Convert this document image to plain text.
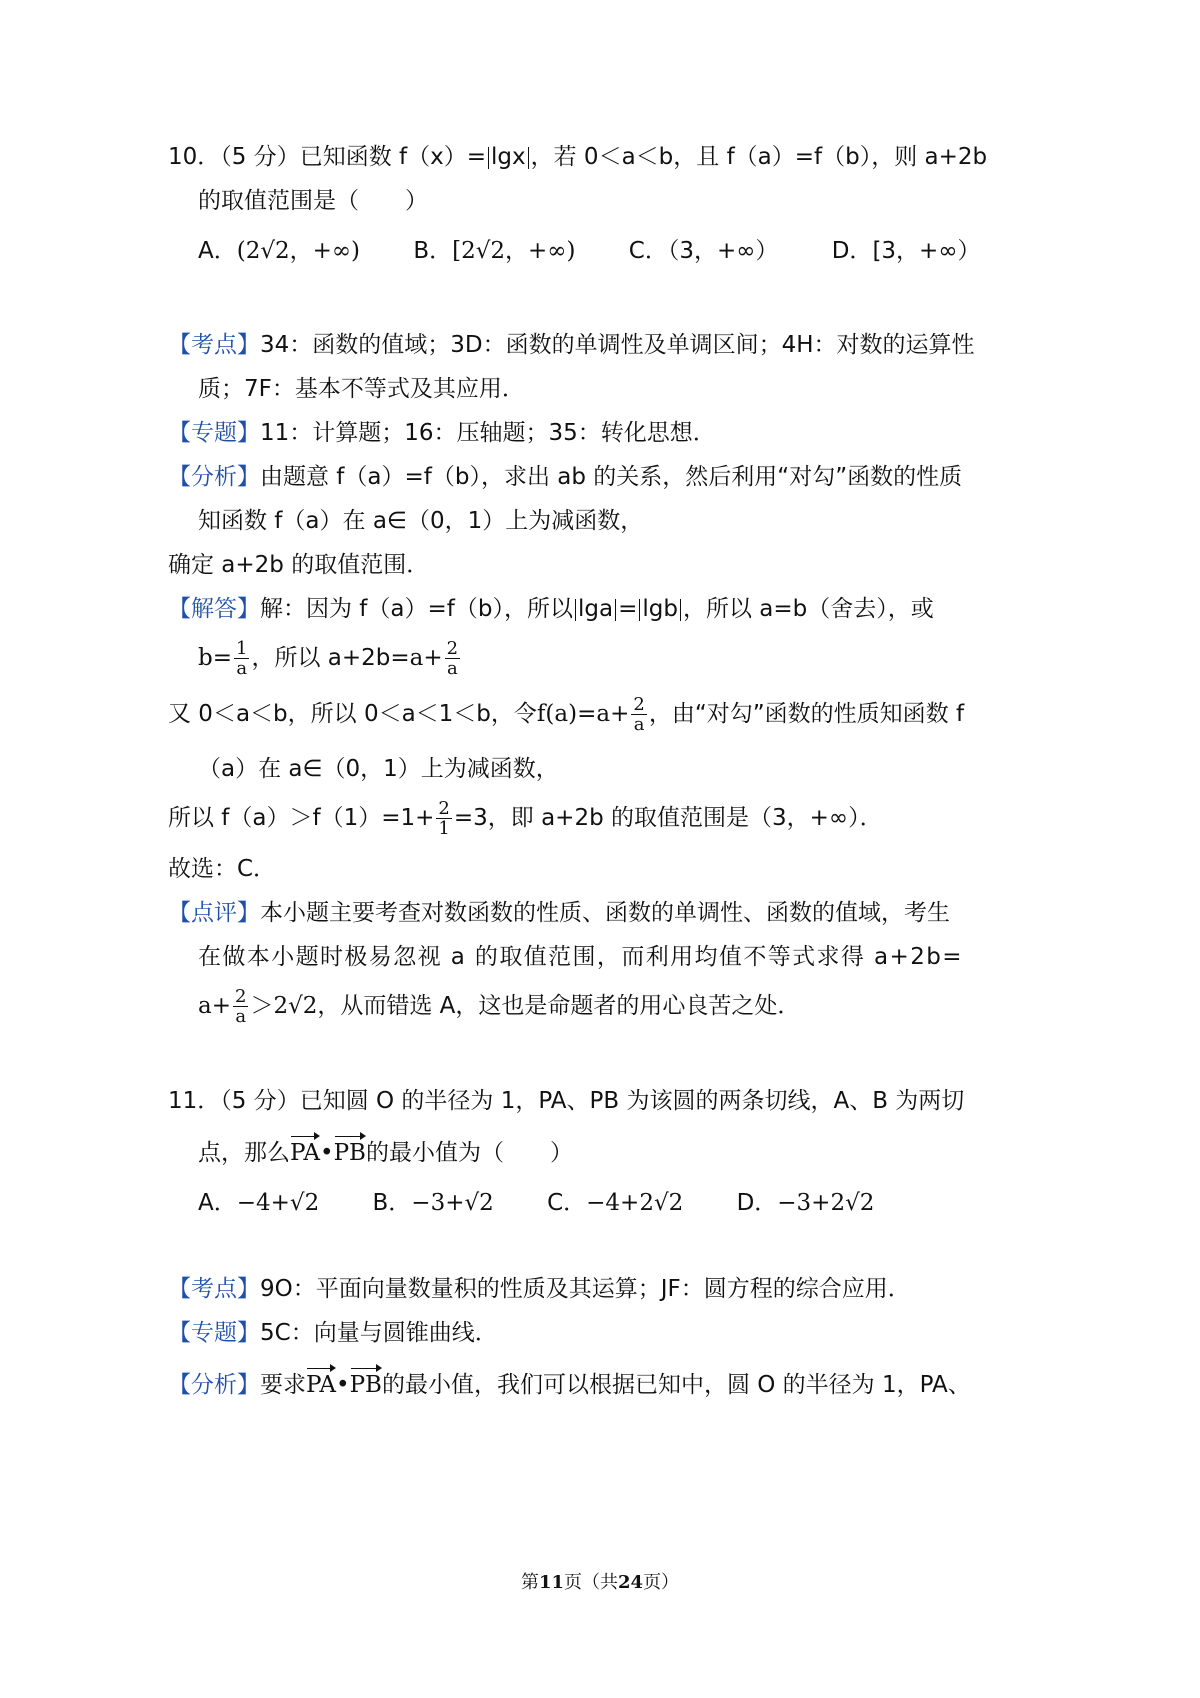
10．（5 分）已知函数 f（x）= lgx ，若 0＜a＜b，且 f（a）=f（b），则 a+2b
的取值范围是（　　）
A．(2√2，+∞) B．[2√2，+∞) C．（3，+∞） D．[3，+∞）
【考点】34：函数的值域；3D：函数的单调性及单调区间；4H：对数的运算性
质；7F：基本不等式及其应用．
【专题】11：计算题；16：压轴题；35：转化思想．
【分析】由题意 f（a）=f（b），求出 ab 的关系，然后利用“对勾”函数的性质
知函数 f（a）在 a∈（0，1）上为减函数，
确定 a+2b 的取值范围．
【解答】解：因为 f（a）=f（b），所以 lga = lgb ，所以 a=b（舍去），或
$b= \frac{1}{a}$ ，所以 $a+2b=a+ \frac{2}{a}$
又 0＜a＜b，所以 0＜a＜1＜b，令$f(a)=a+ \frac{2}{a}$ ，由“对勾”函数的性质知函数 f
（a）在 a∈（0，1）上为减函数，
所以 $f(a)>f(1)=1+ \frac{2}{1} =3$，即 a+2b 的取值范围是（3，+∞）．
故选：C．
【点评】本小题主要考查对数函数的性质、函数的单调性、函数的值域，考生
在做本小题时极易忽视 a 的取值范围，而利用均值不等式求得 a+2b=
$a+ \frac{2}{a} >2√2$，从而错选 A，这也是命题者的用心良苦之处．
11．（5 分）已知圆 O 的半径为 1，PA、PB 为该圆的两条切线，A、B 为两切
点，那么PA•PB的最小值为（　　）
A．−4+√2 B．−3+√2 C．−4+2√2 D．−3+2√2
【考点】9O：平面向量数量积的性质及其运算；JF：圆方程的综合应用．
【专题】5C：向量与圆锥曲线．
【分析】要求PA•PB的最小值，我们可以根据已知中，圆 O 的半径为 1，PA、
第11页（共24页）
